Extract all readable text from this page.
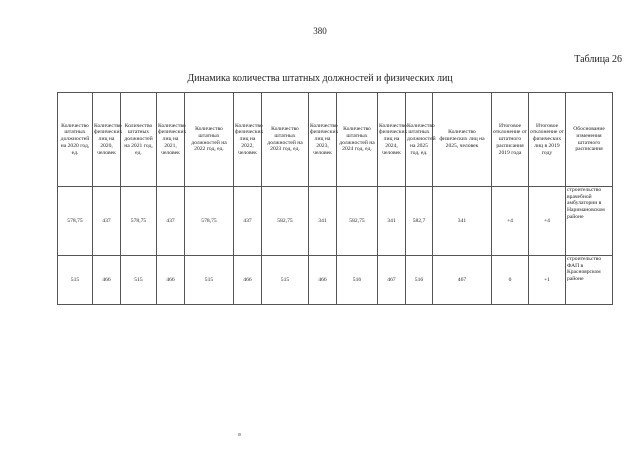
380
Таблица 26
Динамика количества штатных должностей и физических лиц
Количество штатных должностей на 2020 год, ед.	Количество физических лиц на 2020, человек	Количество штатных должностей на 2021 год, ед.	Количество физических лиц на 2021, человек	Количество штатных должностей на 2022 год, ед.	Количество физических лиц на 2022, человек	Количество штатных должностей на 2023 год, ед.	Количество физических лиц на 2023, человек	Количество штатных должностей на 2024 год, ед.	Количество физических лиц на 2024, человек	Количество штатных должностей на 2025 год, ед.	Количество физических лиц на 2025, человек	Итоговое отклонение от штатного расписания 2019 года	Итоговое отклонение от физических лиц в 2019 году	Обоснование изменения штатного расписания
578,75	437	578,75	437	578,75	437	582,75	341	582,75	341	582,7	341	+4	+4	строительство врачебной амбулатории в Наримановском районе
515	466	515	466	515	466	515	466	516	467	516	467	0	+1	строительство ФАП в Красноярском районе
